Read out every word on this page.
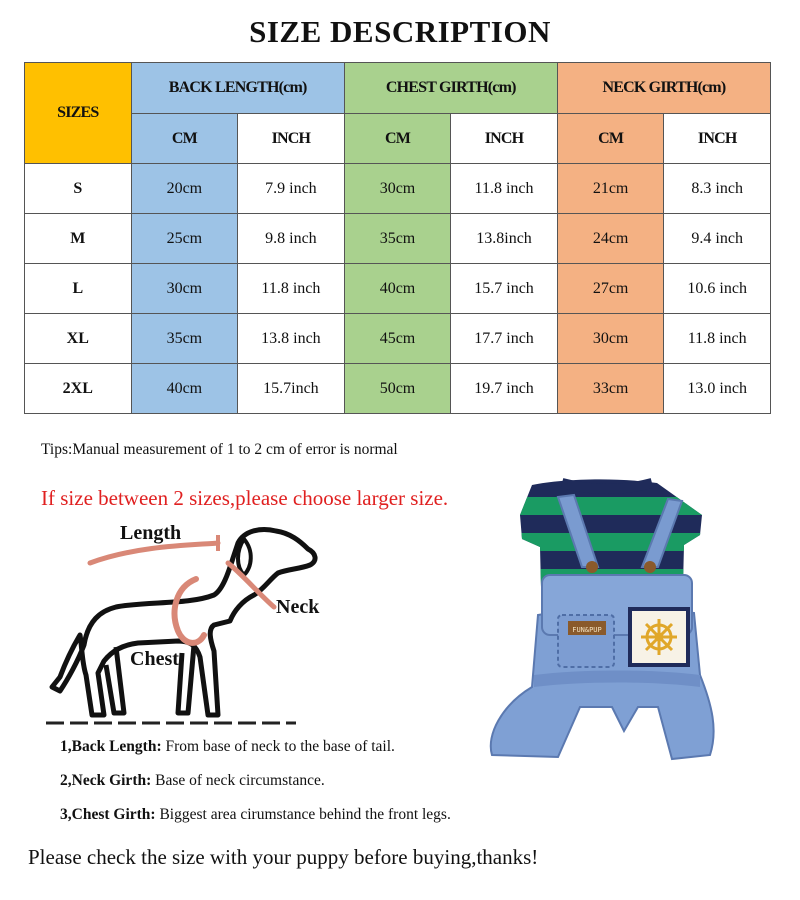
SIZE DESCRIPTION
SIZES	BACK LENGTH(cm)		CHEST GIRTH(cm)		NECK GIRTH(cm)	
	CM	INCH	CM	INCH	CM	INCH
S	20cm	7.9 inch	30cm	11.8 inch	21cm	8.3 inch
M	25cm	9.8 inch	35cm	13.8inch	24cm	9.4 inch
L	30cm	11.8 inch	40cm	15.7 inch	27cm	10.6 inch
XL	35cm	13.8 inch	45cm	17.7 inch	30cm	11.8 inch
2XL	40cm	15.7inch	50cm	19.7 inch	33cm	13.0 inch
Tips:Manual measurement of 1 to 2 cm of error is normal
If size between 2 sizes,please choose larger size.
Length
Neck
Chest
FUN&PUP
1,Back Length: From base of neck to the base of tail.
2,Neck Girth: Base of neck circumstance.
3,Chest Girth: Biggest area cirumstance behind the front legs.
Please check the size with your puppy before buying,thanks!
